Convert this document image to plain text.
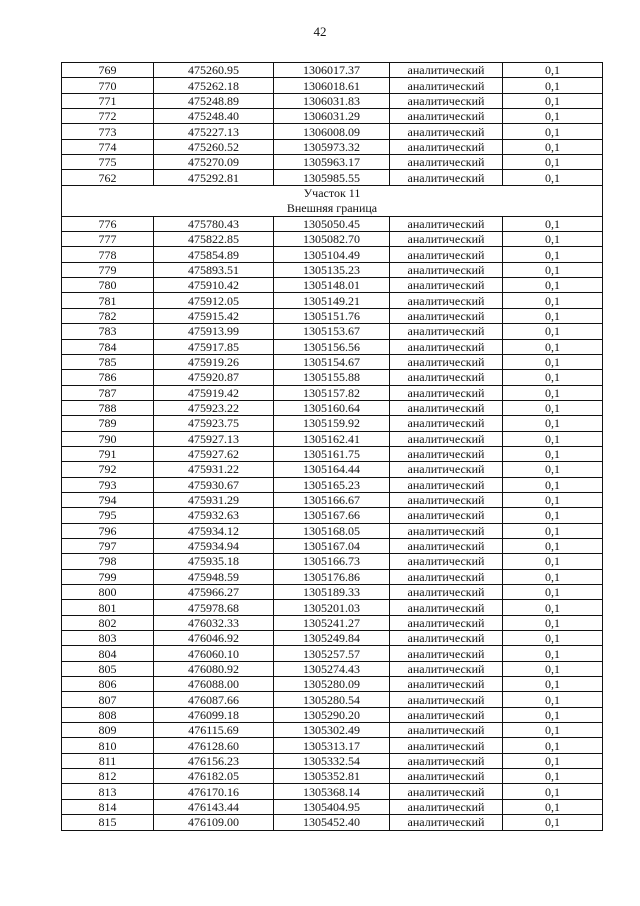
42
769	475260.95	1306017.37	аналитический	0,1
770	475262.18	1306018.61	аналитический	0,1
771	475248.89	1306031.83	аналитический	0,1
772	475248.40	1306031.29	аналитический	0,1
773	475227.13	1306008.09	аналитический	0,1
774	475260.52	1305973.32	аналитический	0,1
775	475270.09	1305963.17	аналитический	0,1
762	475292.81	1305985.55	аналитический	0,1

Участок 11
Внешняя граница				

776	475780.43	1305050.45	аналитический	0,1
777	475822.85	1305082.70	аналитический	0,1
778	475854.89	1305104.49	аналитический	0,1
779	475893.51	1305135.23	аналитический	0,1
780	475910.42	1305148.01	аналитический	0,1
781	475912.05	1305149.21	аналитический	0,1
782	475915.42	1305151.76	аналитический	0,1
783	475913.99	1305153.67	аналитический	0,1
784	475917.85	1305156.56	аналитический	0,1
785	475919.26	1305154.67	аналитический	0,1
786	475920.87	1305155.88	аналитический	0,1
787	475919.42	1305157.82	аналитический	0,1
788	475923.22	1305160.64	аналитический	0,1
789	475923.75	1305159.92	аналитический	0,1
790	475927.13	1305162.41	аналитический	0,1
791	475927.62	1305161.75	аналитический	0,1
792	475931.22	1305164.44	аналитический	0,1
793	475930.67	1305165.23	аналитический	0,1
794	475931.29	1305166.67	аналитический	0,1
795	475932.63	1305167.66	аналитический	0,1
796	475934.12	1305168.05	аналитический	0,1
797	475934.94	1305167.04	аналитический	0,1
798	475935.18	1305166.73	аналитический	0,1
799	475948.59	1305176.86	аналитический	0,1
800	475966.27	1305189.33	аналитический	0,1
801	475978.68	1305201.03	аналитический	0,1
802	476032.33	1305241.27	аналитический	0,1
803	476046.92	1305249.84	аналитический	0,1
804	476060.10	1305257.57	аналитический	0,1
805	476080.92	1305274.43	аналитический	0,1
806	476088.00	1305280.09	аналитический	0,1
807	476087.66	1305280.54	аналитический	0,1
808	476099.18	1305290.20	аналитический	0,1
809	476115.69	1305302.49	аналитический	0,1
810	476128.60	1305313.17	аналитический	0,1
811	476156.23	1305332.54	аналитический	0,1
812	476182.05	1305352.81	аналитический	0,1
813	476170.16	1305368.14	аналитический	0,1
814	476143.44	1305404.95	аналитический	0,1
815	476109.00	1305452.40	аналитический	0,1
